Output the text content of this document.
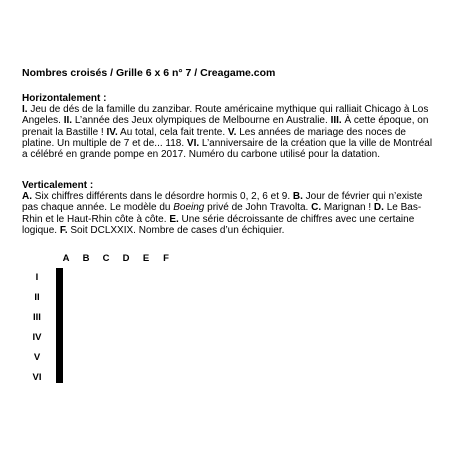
Nombres croisés / Grille 6 x 6 n° 7 / Creagame.com
Horizontalement :
I. Jeu de dés de la famille du zanzibar. Route américaine mythique qui ralliait Chicago à Los Angeles. II. L’année des Jeux olympiques de Melbourne en Australie. III. À cette époque, on prenait la Bastille ! IV. Au total, cela fait trente. V. Les années de mariage des noces de platine. Un multiple de 7 et de... 118. VI. L’anniversaire de la création que la ville de Montréal a célébré en grande pompe en 2017. Numéro du carbone utilisé pour la datation.
Verticalement :
A. Six chiffres différents dans le désordre hormis 0, 2, 6 et 9. B. Jour de février qui n’existe pas chaque année. Le modèle du Boeing privé de John Travolta. C. Marignan ! D. Le Bas-Rhin et le Haut-Rhin côte à côte. E. Une série décroissante de chiffres avec une certaine logique. F. Soit DCLXXIX. Nombre de cases d’un échiquier.
A	B	C	D	E	F
I
II
III
IV
V
VI
